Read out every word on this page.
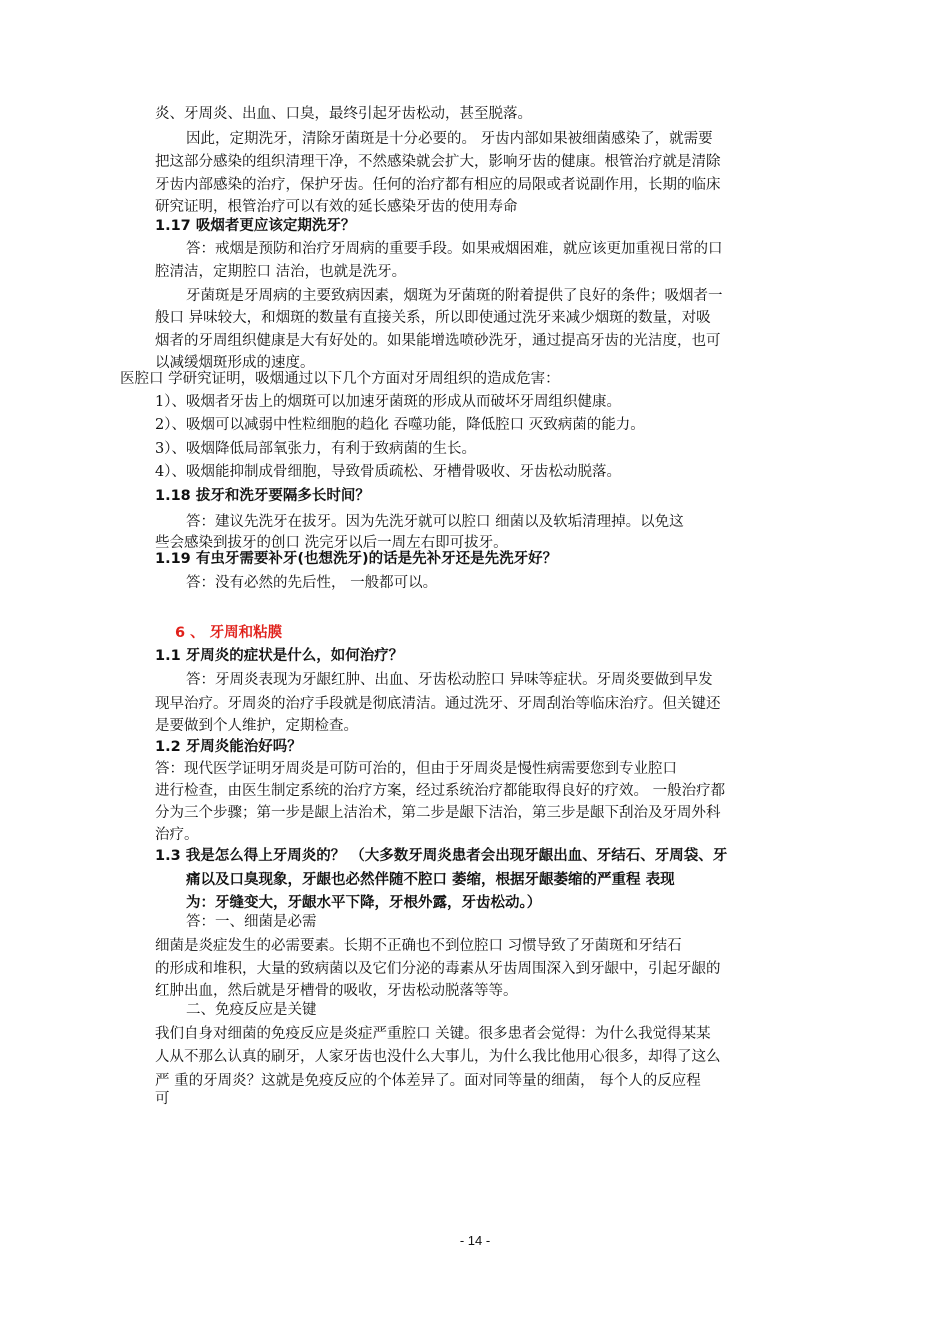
炎、牙周炎、出血、口臭，最终引起牙齿松动，甚至脱落。
因此，定期洗牙，清除牙菌斑是十分必要的。 牙齿内部如果被细菌感染了，就需要
把这部分感染的组织清理干净，不然感染就会扩大，影响牙齿的健康。根管治疗就是清除
牙齿内部感染的治疗，保护牙齿。任何的治疗都有相应的局限或者说副作用，长期的临床
研究证明，根管治疗可以有效的延长感染牙齿的使用寿命
1.17 吸烟者更应该定期洗牙？
答：戒烟是预防和治疗牙周病的重要手段。如果戒烟困难，就应该更加重视日常的口
腔清洁，定期腔口 洁治，也就是洗牙。
牙菌斑是牙周病的主要致病因素，烟斑为牙菌斑的附着提供了良好的条件；吸烟者一
般口 异味较大，和烟斑的数量有直接关系，所以即使通过洗牙来减少烟斑的数量，对吸
烟者的牙周组织健康是大有好处的。如果能增选喷砂洗牙，通过提高牙齿的光洁度，也可
以减缓烟斑形成的速度。
医腔口 学研究证明，吸烟通过以下几个方面对牙周组织的造成危害：
1）、吸烟者牙齿上的烟斑可以加速牙菌斑的形成从而破坏牙周组织健康。
2）、吸烟可以减弱中性粒细胞的趋化 吞噬功能，降低腔口 灭致病菌的能力。
3）、吸烟降低局部氧张力，有利于致病菌的生长。
4）、吸烟能抑制成骨细胞，导致骨质疏松、牙槽骨吸收、牙齿松动脱落。
1.18 拔牙和洗牙要隔多长时间？
答：建议先洗牙在拔牙。因为先洗牙就可以腔口 细菌以及软垢清理掉。以免这
些会感染到拔牙的创口 洗完牙以后一周左右即可拔牙。
1.19 有虫牙需要补牙(也想洗牙)的话是先补牙还是先洗牙好？
答：没有必然的先后性， 一般都可以。
6 、 牙周和粘膜
1.1 牙周炎的症状是什么，如何治疗？
答：牙周炎表现为牙龈红肿、出血、牙齿松动腔口 异味等症状。牙周炎要做到早发
现早治疗。牙周炎的治疗手段就是彻底清洁。通过洗牙、牙周刮治等临床治疗。但关键还
是要做到个人维护，定期检查。
1.2 牙周炎能治好吗？
答：现代医学证明牙周炎是可防可治的，但由于牙周炎是慢性病需要您到专业腔口
进行检查，由医生制定系统的治疗方案，经过系统治疗都能取得良好的疗效。 一般治疗都
分为三个步骤；第一步是龈上洁治术，第二步是龈下洁治，第三步是龈下刮治及牙周外科
治疗。
1.3 我是怎么得上牙周炎的？ （大多数牙周炎患者会出现牙龈出血、牙结石、牙周袋、牙
痛以及口臭现象，牙龈也必然伴随不腔口 萎缩，根据牙龈萎缩的严重程 表现
为：牙缝变大，牙龈水平下降，牙根外露，牙齿松动。）
答：一、细菌是必需
细菌是炎症发生的必需要素。长期不正确也不到位腔口 习惯导致了牙菌斑和牙结石
的形成和堆积，大量的致病菌以及它们分泌的毒素从牙齿周围深入到牙龈中，引起牙龈的
红肿出血，然后就是牙槽骨的吸收，牙齿松动脱落等等。
二、免疫反应是关键
我们自身对细菌的免疫反应是炎症严重腔口 关键。很多患者会觉得：为什么我觉得某某
人从不那么认真的刷牙，人家牙齿也没什么大事儿，为什么我比他用心很多，却得了这么
严 重的牙周炎？这就是免疫反应的个体差异了。面对同等量的细菌， 每个人的反应程
可
- 14 -
